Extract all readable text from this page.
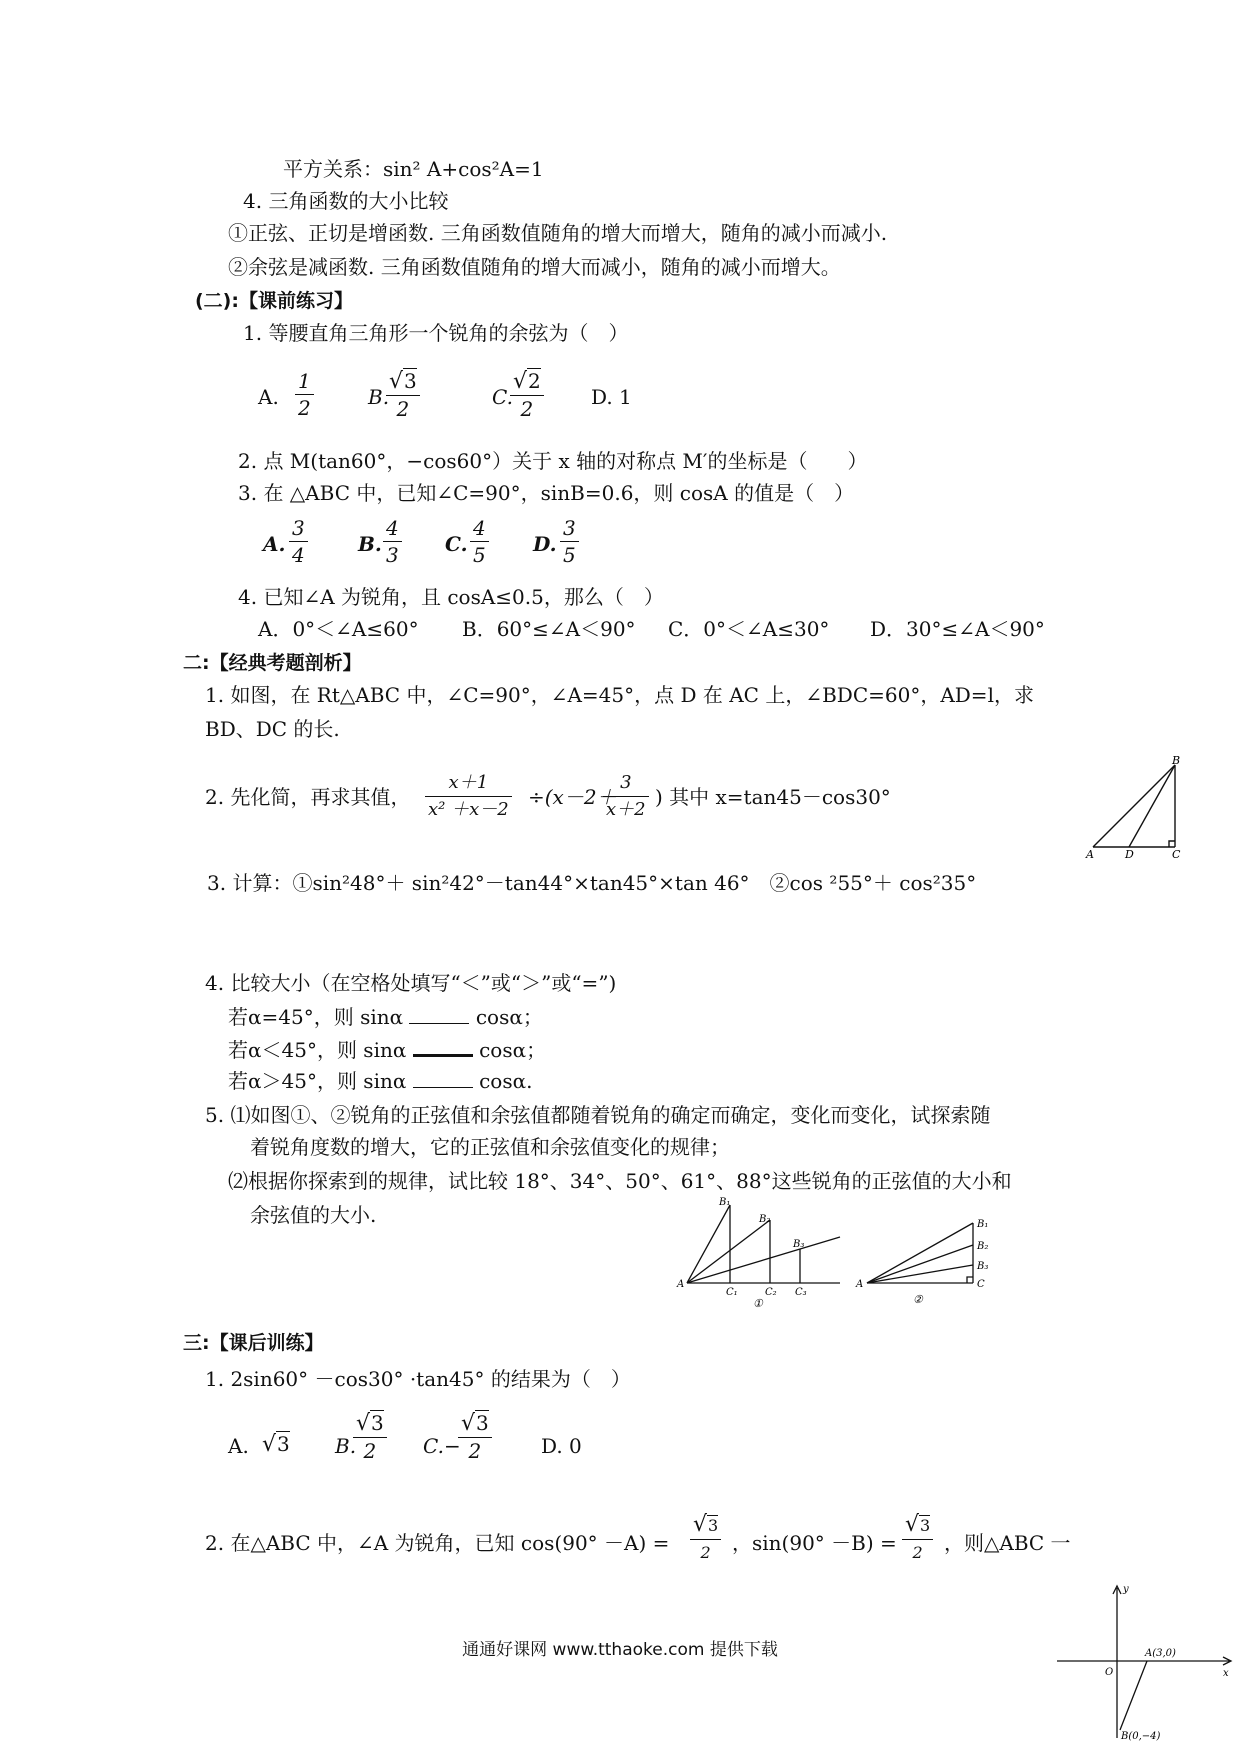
平方关系：sin² A+cos²A=1
4. 三角函数的大小比较
①正弦、正切是增函数. 三角函数值随角的增大而增大，随角的减小而减小.
②余弦是减函数. 三角函数值随角的增大而减小，随角的减小而增大。
(二):【课前练习】
1. 等腰直角三角形一个锐角的余弦为（　）
A. $\frac{1}{2}$	B.
$\frac{√3}{2}$	C.
$\frac{√2}{2} D$. 1
2. 点 M(tan60°，−cos60°）关于 x 轴的对称点 M′的坐标是（　　）
3. 在 △ABC 中，已知∠C=90°，sinB=0.6，则 cosA 的值是（　）
A. $\frac{3}{4}$	B. $\frac{4}{3} C$. $\frac{4}{5} D$. $\frac{3}{5}$
4. 已知∠A 为锐角，且 cosA≤0.5，那么（　）
A．0°＜∠A≤60° B．60°≤∠A＜90° C．0°＜∠A≤30° D．30°≤∠A＜90°
二:【经典考题剖析】
1. 如图，在 Rt△ABC 中，∠C=90°，∠A=45°，点 D 在 AC 上，∠BDC=60°，AD=l，求
BD、DC 的长.
2. 先化简，再求其值， $\frac{x+1}{\text{x² ＋x－2}} \div(x-2+$
$\frac{3}{x+2}$ ) 其中 x=tan45－cos30°
3. 计算：①sin²48°＋ sin²42°－tan44°×tan45°×tan 46°　②cos ²55°＋ cos²35°
4. 比较大小（在空格处填写“＜”或“＞”或“=”)
若α=45°，则 sinα	cosα；
若α＜45°，则 sinα	cosα；
若α＞45°，则 sinα	cosα.
5. ⑴如图①、②锐角的正弦值和余弦值都随着锐角的确定而确定，变化而变化，试探索随
着锐角度数的增大，它的正弦值和余弦值变化的规律；
⑵根据你探索到的规律，试比较 18°、34°、50°、61°、88°这些锐角的正弦值的大小和
余弦值的大小.
三:【课后训练】
1. 2sin60° －cos30° ·tan45° 的结果为（　）
A. √3 B.
$\frac{√3}{2} C.-$
$\frac{√3}{2} D$. 0
2. 在△ABC 中，∠A 为锐角，已知 $\cos(90^\circ -A) = \frac{√3}{2}$ ，$\sin(90^\circ -B) = \frac{√3}{2}$ ，则△ABC 一
A	D	C
B
A
B₁
B₂
B₃
C₁	C₂ C₃
①
A
B₁
B₂
B₃
C
②
y
x
O
A(3,0)
B(0,−4)
通通好课网 www.tthaoke.com 提供下载
